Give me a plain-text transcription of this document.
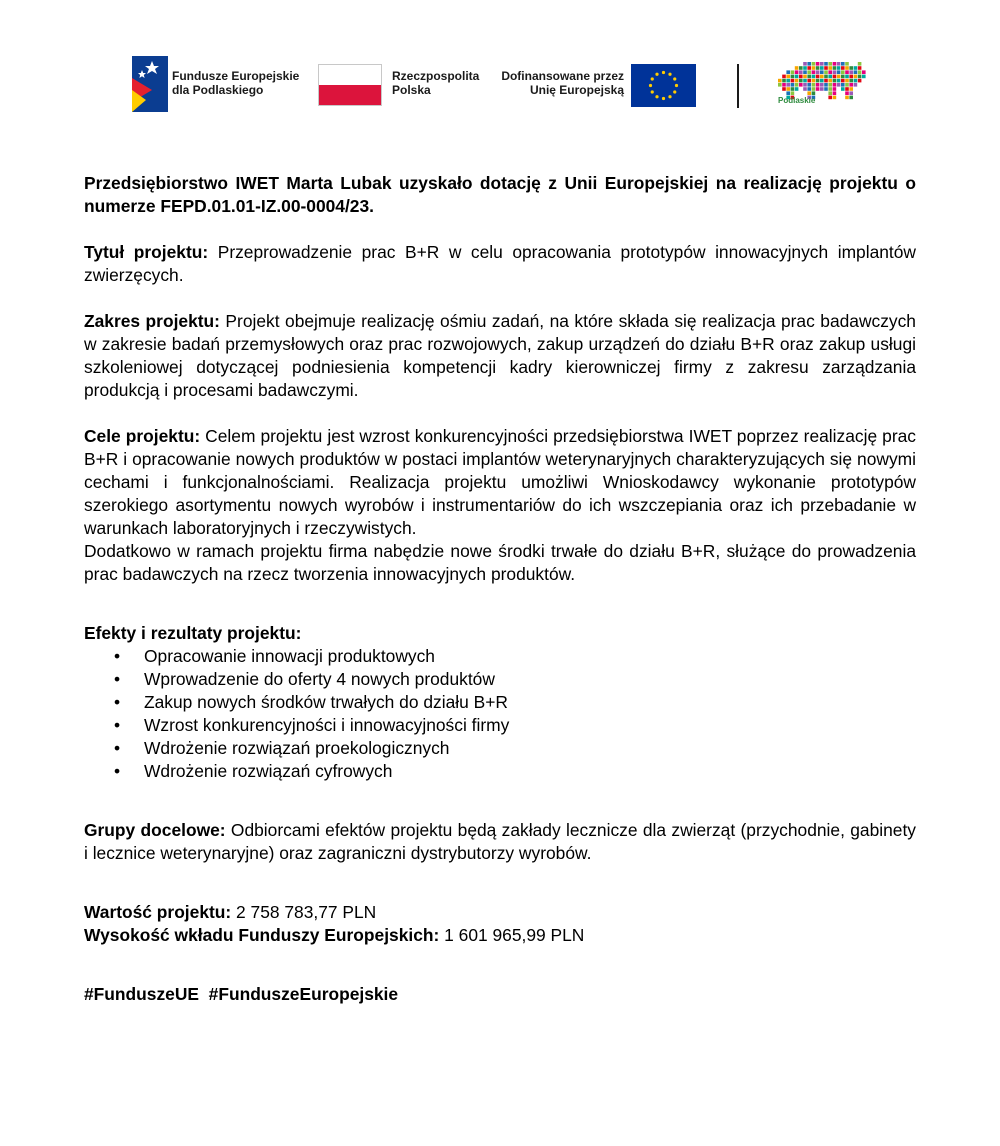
Fundusze Europejskie
dla Podlaskiego
Rzeczpospolita
Polska
Dofinansowane przez
Unię Europejską
Podlaskie

Przedsiębiorstwo IWET Marta Lubak uzyskało dotację z Unii Europejskiej na realizację projektu o numerze FEPD.01.01-IZ.00-0004/23.

Tytuł projektu: Przeprowadzenie prac B+R w celu opracowania prototypów innowacyjnych implantów zwierzęcych.

Zakres projektu: Projekt obejmuje realizację ośmiu zadań, na które składa się realizacja prac badawczych w zakresie badań przemysłowych oraz prac rozwojowych, zakup urządzeń do działu B+R oraz zakup usługi szkoleniowej dotyczącej podniesienia kompetencji kadry kierowniczej firmy z zakresu zarządzania produkcją i procesami badawczymi.

Cele projektu: Celem projektu jest wzrost konkurencyjności przedsiębiorstwa IWET poprzez realizację prac B+R i opracowanie nowych produktów w postaci implantów weterynaryjnych charakteryzujących się nowymi cechami i funkcjonalnościami. Realizacja projektu umożliwi Wnioskodawcy wykonanie prototypów szerokiego asortymentu nowych wyrobów i instrumentariów do ich wszczepiania oraz ich przebadanie w warunkach laboratoryjnych i rzeczywistych.

Dodatkowo w ramach projektu firma nabędzie nowe środki trwałe do działu B+R, służące do prowadzenia prac badawczych na rzecz tworzenia innowacyjnych produktów.

Efekty i rezultaty projektu:

• Opracowanie innowacji produktowych
• Wprowadzenie do oferty 4 nowych produktów
• Zakup nowych środków trwałych do działu B+R
• Wzrost konkurencyjności i innowacyjności firmy
• Wdrożenie rozwiązań proekologicznych
• Wdrożenie rozwiązań cyfrowych

Grupy docelowe: Odbiorcami efektów projektu będą zakłady lecznicze dla zwierząt (przychodnie, gabinety i lecznice weterynaryjne) oraz zagraniczni dystrybutorzy wyrobów.

Wartość projektu: 2 758 783,77 PLN

Wysokość wkładu Funduszy Europejskich: 1 601 965,99 PLN

#FunduszeUE  #FunduszeEuropejskie
